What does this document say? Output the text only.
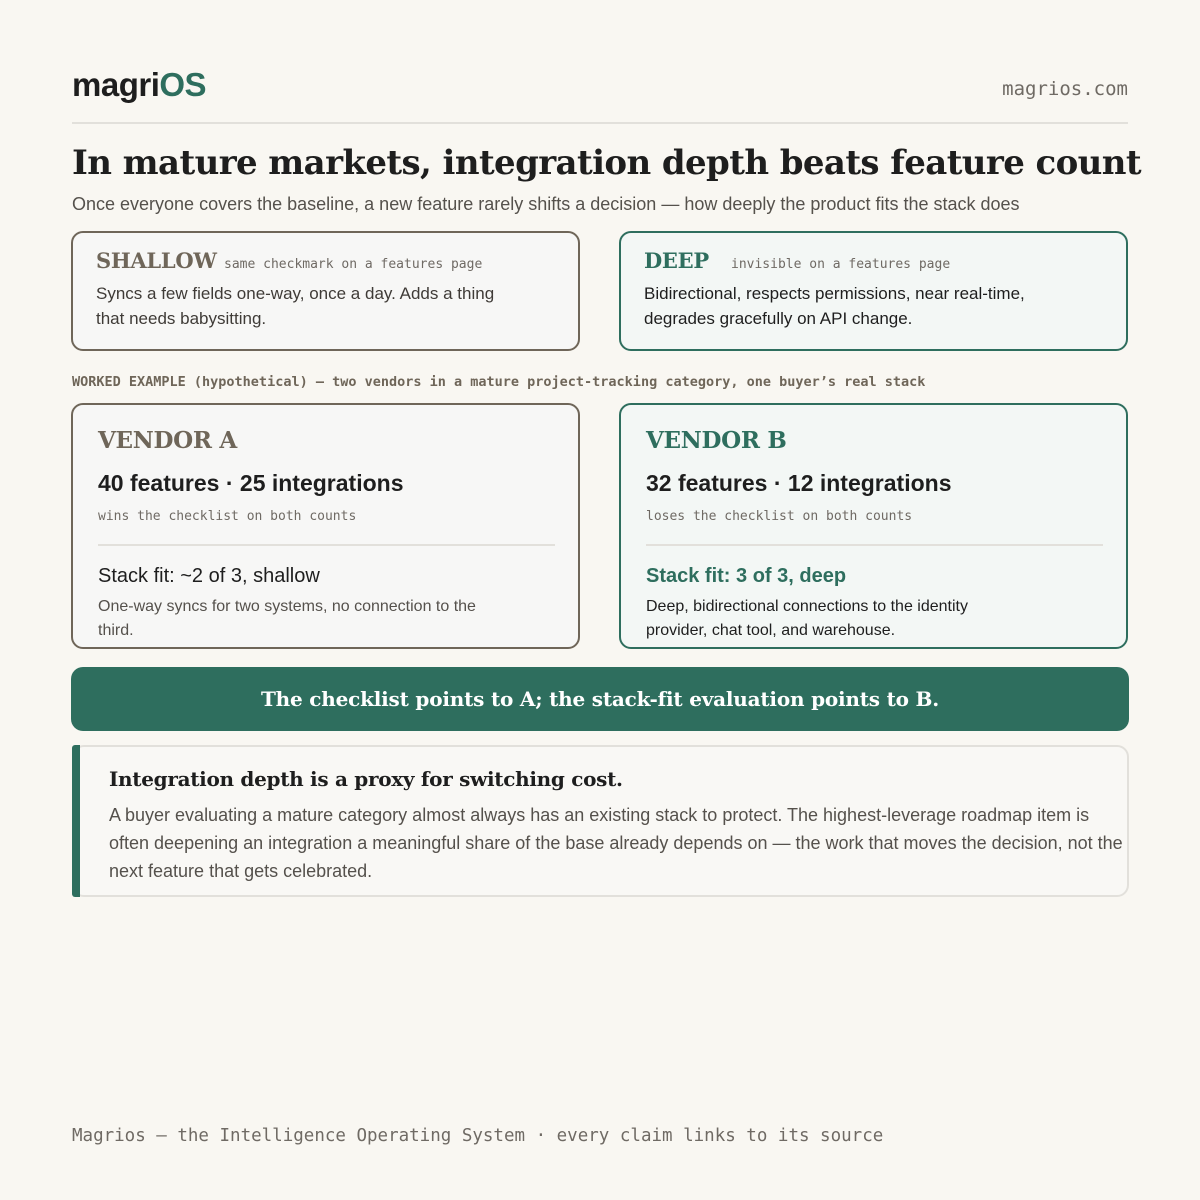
magriOS	magrios.com
In mature markets, integration depth beats feature count

Once everyone covers the baseline, a new feature rarely shifts a decision — how deeply the product fits the stack does

SHALLOW same checkmark on a features page
Syncs a few fields one-way, once a day. Adds a thing that needs babysitting.
DEEP invisible on a features page
Bidirectional, respects permissions, near real-time, degrades gracefully on API change.
WORKED EXAMPLE (hypothetical) — two vendors in a mature project-tracking category, one buyer’s real stack
VENDOR A
40 features · 25 integrations
wins the checklist on both counts
Stack fit: ~2 of 3, shallow
One-way syncs for two systems, no connection to the third.
VENDOR B
32 features · 12 integrations
loses the checklist on both counts
Stack fit: 3 of 3, deep
Deep, bidirectional connections to the identity provider, chat tool, and warehouse.
The checklist points to A; the stack-fit evaluation points to B.
Integration depth is a proxy for switching cost.
A buyer evaluating a mature category almost always has an existing stack to protect. The highest-leverage roadmap item is often deepening an integration a meaningful share of the base already depends on — the work that moves the decision, not the next feature that gets celebrated.
Magrios — the Intelligence Operating System · every claim links to its source
